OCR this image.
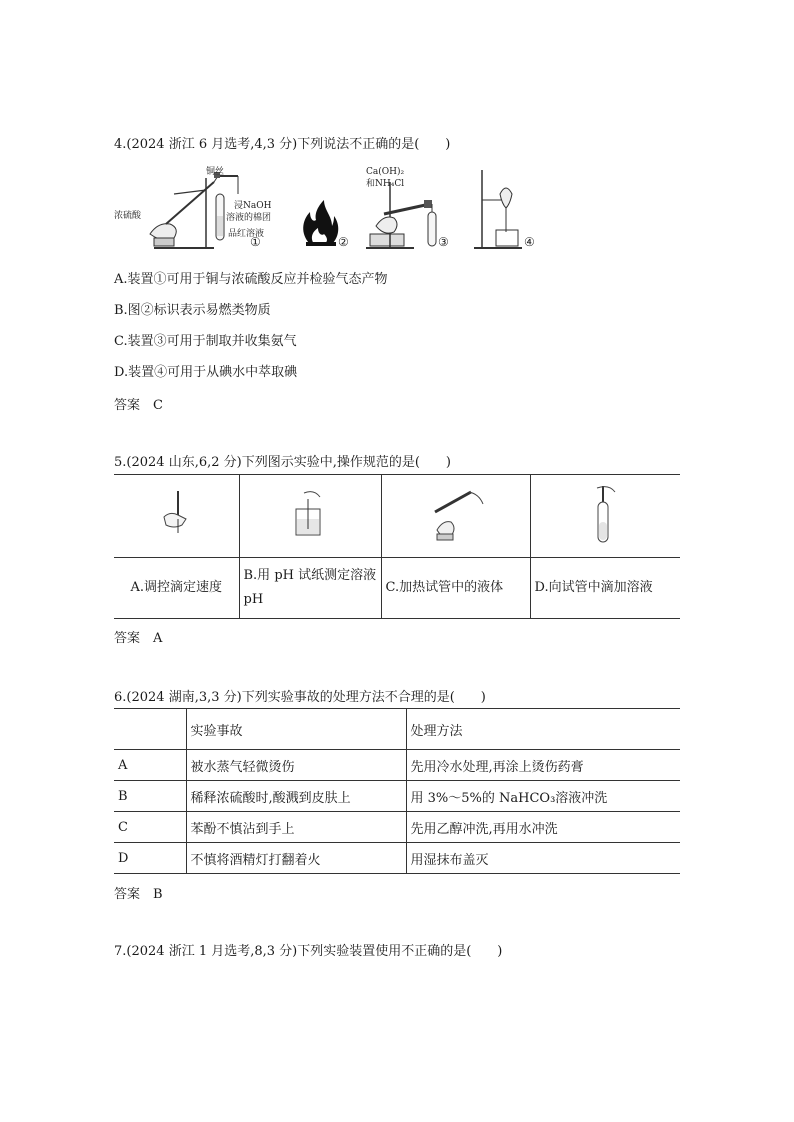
4.(2024 浙江 6 月选考,4,3 分)下列说法不正确的是(　　)
铜丝
浓硫酸
浸NaOH
溶液的棉团
品红溶液
①	②
Ca(OH)₂
和NH₄Cl
③	④
A.装置①可用于铜与浓硫酸反应并检验气态产物
B.图②标识表示易燃类物质
C.装置③可用于制取并收集氨气
D.装置④可用于从碘水中萃取碘
答案　C
5.(2024 山东,6,2 分)下列图示实验中,操作规范的是(　　)

A.调控滴定速度	B.用 pH 试纸测定溶液 pH	C.加热试管中的液体	D.向试管中滴加溶液
答案　A
6.(2024 湖南,3,3 分)下列实验事故的处理方法不合理的是(　　)
	实验事故	处理方法
A	被水蒸气轻微烫伤	先用冷水处理,再涂上烫伤药膏
B	稀释浓硫酸时,酸溅到皮肤上	用 3%～5%的 NaHCO₃溶液冲洗
C	苯酚不慎沾到手上	先用乙醇冲洗,再用水冲洗
D	不慎将酒精灯打翻着火	用湿抹布盖灭
答案　B
7.(2024 浙江 1 月选考,8,3 分)下列实验装置使用不正确的是(　　)
